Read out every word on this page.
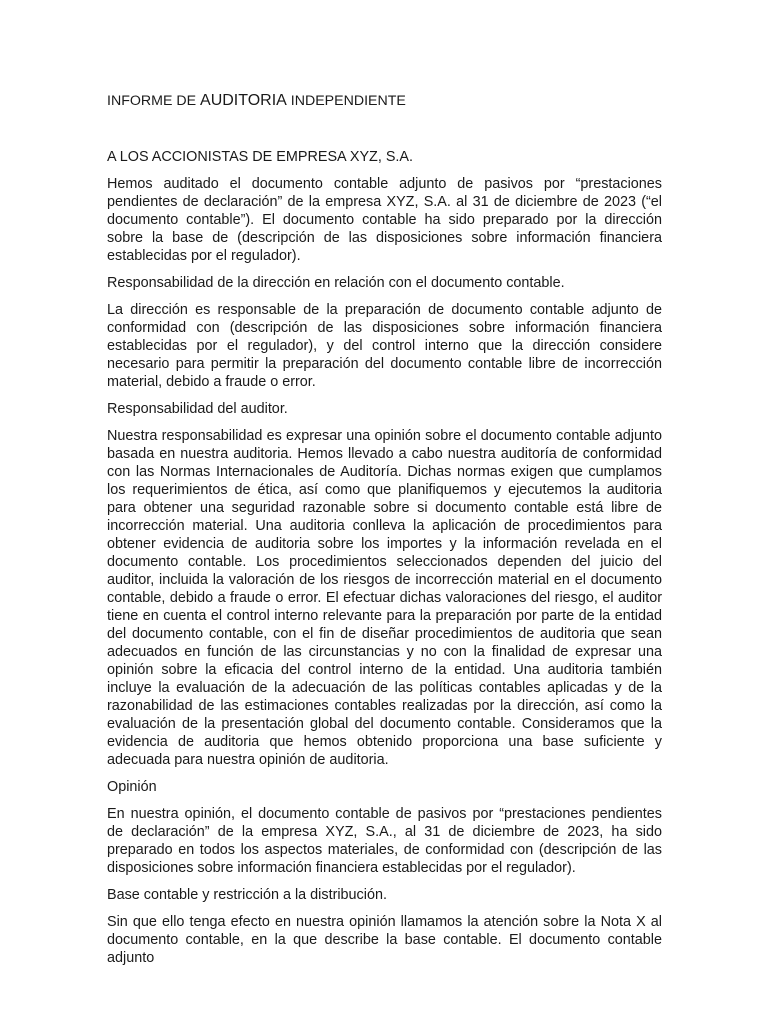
INFORME DE AUDITORIA INDEPENDIENTE

A LOS ACCIONISTAS DE EMPRESA XYZ, S.A.

Hemos auditado el documento contable adjunto de pasivos por “prestaciones pendientes de declaración” de la empresa XYZ, S.A. al 31 de diciembre de 2023 (“el documento contable”). El documento contable ha sido preparado por la dirección sobre la base de (descripción de las disposiciones sobre información financiera establecidas por el regulador).

Responsabilidad de la dirección en relación con el documento contable.

La dirección es responsable de la preparación de documento contable adjunto de conformidad con (descripción de las disposiciones sobre información financiera establecidas por el regulador), y del control interno que la dirección considere necesario para permitir la preparación del documento contable libre de incorrección material, debido a fraude o error.

Responsabilidad del auditor.

Nuestra responsabilidad es expresar una opinión sobre el documento contable adjunto basada en nuestra auditoria. Hemos llevado a cabo nuestra auditoría de conformidad con las Normas Internacionales de Auditoría. Dichas normas exigen que cumplamos los requerimientos de ética, así como que planifiquemos y ejecutemos la auditoria para obtener una seguridad razonable sobre si documento contable está libre de incorrección material. Una auditoria conlleva la aplicación de procedimientos para obtener evidencia de auditoria sobre los importes y la información revelada en el documento contable. Los procedimientos seleccionados dependen del juicio del auditor, incluida la valoración de los riesgos de incorrección material en el documento contable, debido a fraude o error. El efectuar dichas valoraciones del riesgo, el auditor tiene en cuenta el control interno relevante para la preparación por parte de la entidad del documento contable, con el fin de diseñar procedimientos de auditoria que sean adecuados en función de las circunstancias y no con la finalidad de expresar una opinión sobre la eficacia del control interno de la entidad. Una auditoria también incluye la evaluación de la adecuación de las políticas contables aplicadas y de la razonabilidad de las estimaciones contables realizadas por la dirección, así como la evaluación de la presentación global del documento contable. Consideramos que la evidencia de auditoria que hemos obtenido proporciona una base suficiente y adecuada para nuestra opinión de auditoria.

Opinión

En nuestra opinión, el documento contable de pasivos por “prestaciones pendientes de declaración” de la empresa XYZ, S.A., al 31 de diciembre de 2023, ha sido preparado en todos los aspectos materiales, de conformidad con (descripción de las disposiciones sobre información financiera establecidas por el regulador).

Base contable y restricción a la distribución.

Sin que ello tenga efecto en nuestra opinión llamamos la atención sobre la Nota X al documento contable, en la que describe la base contable. El documento contable adjunto
